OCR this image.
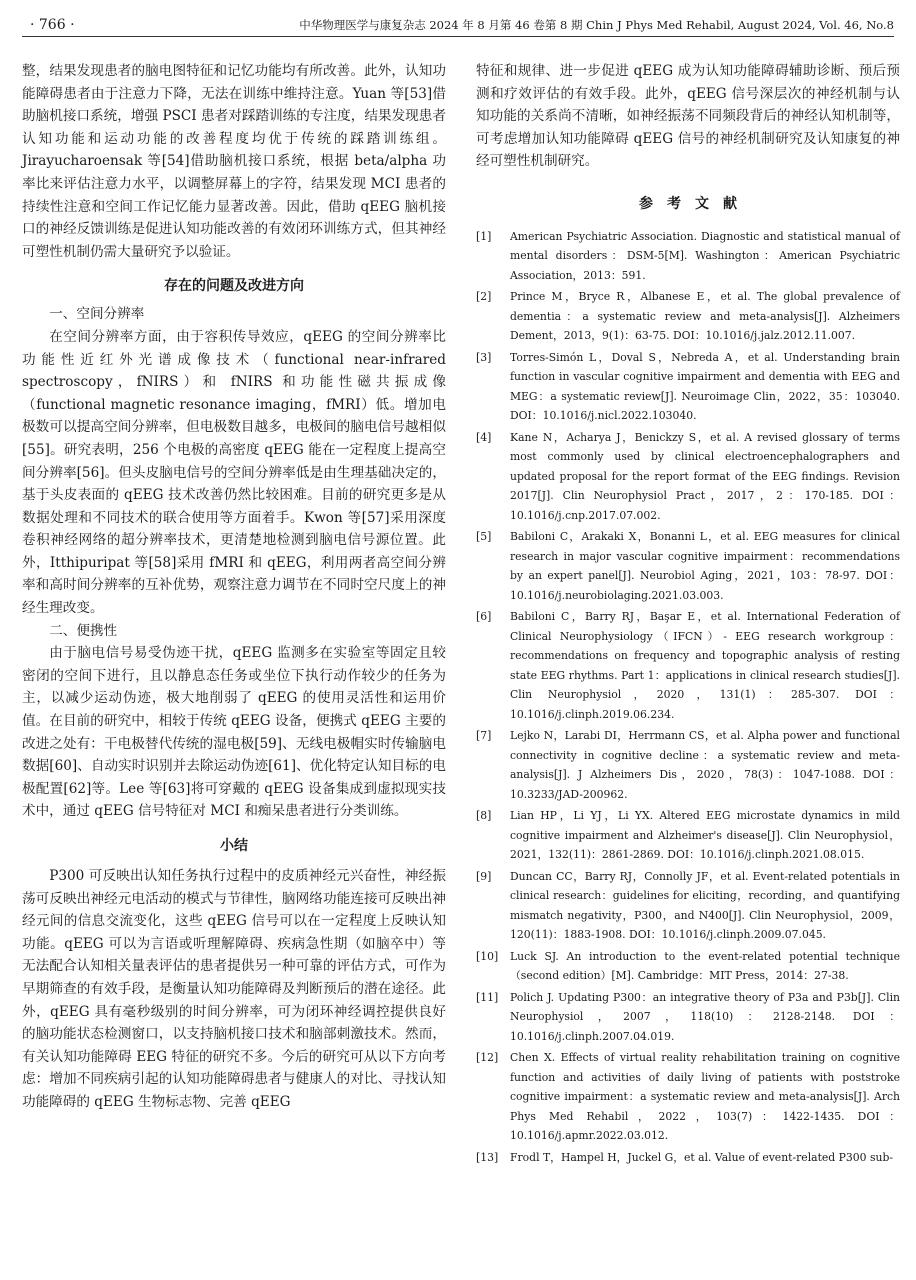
· 766 ·	中华物理医学与康复杂志 2024 年 8 月第 46 卷第 8 期 Chin J Phys Med Rehabil, August 2024, Vol. 46, No.8

整，结果发现患者的脑电图特征和记忆功能均有所改善。此外，认知功能障碍患者由于注意力下降，无法在训练中维持注意。Yuan 等[53]借助脑机接口系统，增强 PSCI 患者对踩踏训练的专注度，结果发现患者认知功能和运动功能的改善程度均优于传统的踩踏训练组。Jirayucharoensak 等[54]借助脑机接口系统，根据 beta/alpha 功率比来评估注意力水平，以调整屏幕上的字符，结果发现 MCI 患者的持续性注意和空间工作记忆能力显著改善。因此，借助 qEEG 脑机接口的神经反馈训练是促进认知功能改善的有效闭环训练方式，但其神经可塑性机制仍需大量研究予以验证。

存在的问题及改进方向
一、空间分辨率

在空间分辨率方面，由于容积传导效应，qEEG 的空间分辨率比功能性近红外光谱成像技术（functional near-infrared spectroscopy，fNIRS）和 fNIRS 和功能性磁共振成像（functional magnetic resonance imaging，fMRI）低。增加电极数可以提高空间分辨率，但电极数目越多，电极间的脑电信号越相似[55]。研究表明，256 个电极的高密度 qEEG 能在一定程度上提高空间分辨率[56]。但头皮脑电信号的空间分辨率低是由生理基础决定的，基于头皮表面的 qEEG 技术改善仍然比较困难。目前的研究更多是从数据处理和不同技术的联合使用等方面着手。Kwon 等[57]采用深度卷积神经网络的超分辨率技术，更清楚地检测到脑电信号源位置。此外，Itthipuripat 等[58]采用 fMRI 和 qEEG，利用两者高空间分辨率和高时间分辨率的互补优势，观察注意力调节在不同时空尺度上的神经生理改变。

二、便携性

由于脑电信号易受伪迹干扰，qEEG 监测多在实验室等固定且较密闭的空间下进行，且以静息态任务或坐位下执行动作较少的任务为主，以减少运动伪迹，极大地削弱了 qEEG 的使用灵活性和运用价值。在目前的研究中，相较于传统 qEEG 设备，便携式 qEEG 主要的改进之处有：干电极替代传统的湿电极[59]、无线电极帽实时传输脑电数据[60]、自动实时识别并去除运动伪迹[61]、优化特定认知目标的电极配置[62]等。Lee 等[63]将可穿戴的 qEEG 设备集成到虚拟现实技术中，通过 qEEG 信号特征对 MCI 和痴呆患者进行分类训练。

小结

P300 可反映出认知任务执行过程中的皮质神经元兴奋性，神经振荡可反映出神经元电活动的模式与节律性，脑网络功能连接可反映出神经元间的信息交流变化，这些 qEEG 信号可以在一定程度上反映认知功能。qEEG 可以为言语或听理解障碍、疾病急性期（如脑卒中）等无法配合认知相关量表评估的患者提供另一种可靠的评估方式，可作为早期筛查的有效手段，是衡量认知功能障碍及判断预后的潜在途径。此外，qEEG 具有毫秒级别的时间分辨率，可为闭环神经调控提供良好的脑功能状态检测窗口，以支持脑机接口技术和脑部刺激技术。然而，有关认知功能障碍 EEG 特征的研究不多。今后的研究可从以下方向考虑：增加不同疾病引起的认知功能障碍患者与健康人的对比、寻找认知功能障碍的 qEEG 生物标志物、完善 qEEG

特征和规律、进一步促进 qEEG 成为认知功能障碍辅助诊断、预后预测和疗效评估的有效手段。此外，qEEG 信号深层次的神经机制与认知功能的关系尚不清晰，如神经振荡不同频段背后的神经认知机制等，可考虑增加认知功能障碍 qEEG 信号的神经机制研究及认知康复的神经可塑性机制研究。

参　考　文　献
[1] American Psychiatric Association. Diagnostic and statistical manual of mental disorders：DSM-5[M]. Washington：American Psychiatric Association，2013：591.
[2] Prince M，Bryce R，Albanese E，et al. The global prevalence of dementia：a systematic review and meta-analysis[J]. Alzheimers Dement，2013，9(1)：63-75. DOI：10.1016/j.jalz.2012.11.007.
[3] Torres-Simón L，Doval S，Nebreda A，et al. Understanding brain function in vascular cognitive impairment and dementia with EEG and MEG：a systematic review[J]. Neuroimage Clin，2022，35：103040. DOI：10.1016/j.nicl.2022.103040.
[4] Kane N，Acharya J，Benickzy S，et al. A revised glossary of terms most commonly used by clinical electroencephalographers and updated proposal for the report format of the EEG findings. Revision 2017[J]. Clin Neurophysiol Pract，2017，2：170-185. DOI：10.1016/j.cnp.2017.07.002.
[5] Babiloni C，Arakaki X，Bonanni L，et al. EEG measures for clinical research in major vascular cognitive impairment：recommendations by an expert panel[J]. Neurobiol Aging，2021，103：78-97. DOI：10.1016/j.neurobiolaging.2021.03.003.
[6] Babiloni C，Barry RJ，Başar E，et al. International Federation of Clinical Neurophysiology（IFCN）- EEG research workgroup：recommendations on frequency and topographic analysis of resting state EEG rhythms. Part 1：applications in clinical research studies[J]. Clin Neurophysiol，2020，131(1)：285-307. DOI：10.1016/j.clinph.2019.06.234.
[7] Lejko N，Larabi DI，Herrmann CS，et al. Alpha power and functional connectivity in cognitive decline：a systematic review and meta-analysis[J]. J Alzheimers Dis，2020，78(3)：1047-1088. DOI：10.3233/JAD-200962.
[8] Lian HP，Li YJ，Li YX. Altered EEG microstate dynamics in mild cognitive impairment and Alzheimer's disease[J]. Clin Neurophysiol，2021，132(11)：2861-2869. DOI：10.1016/j.clinph.2021.08.015.
[9] Duncan CC，Barry RJ，Connolly JF，et al. Event-related potentials in clinical research：guidelines for eliciting，recording，and quantifying mismatch negativity，P300，and N400[J]. Clin Neurophysiol，2009，120(11)：1883-1908. DOI：10.1016/j.clinph.2009.07.045.
[10] Luck SJ. An introduction to the event-related potential technique（second edition）[M]. Cambridge：MIT Press，2014：27-38.
[11] Polich J. Updating P300：an integrative theory of P3a and P3b[J]. Clin Neurophysiol，2007，118(10)：2128-2148. DOI：10.1016/j.clinph.2007.04.019.
[12] Chen X. Effects of virtual reality rehabilitation training on cognitive function and activities of daily living of patients with poststroke cognitive impairment：a systematic review and meta-analysis[J]. Arch Phys Med Rehabil，2022，103(7)：1422-1435. DOI：10.1016/j.apmr.2022.03.012.
[13] Frodl T，Hampel H，Juckel G，et al. Value of event-related P300 sub-
